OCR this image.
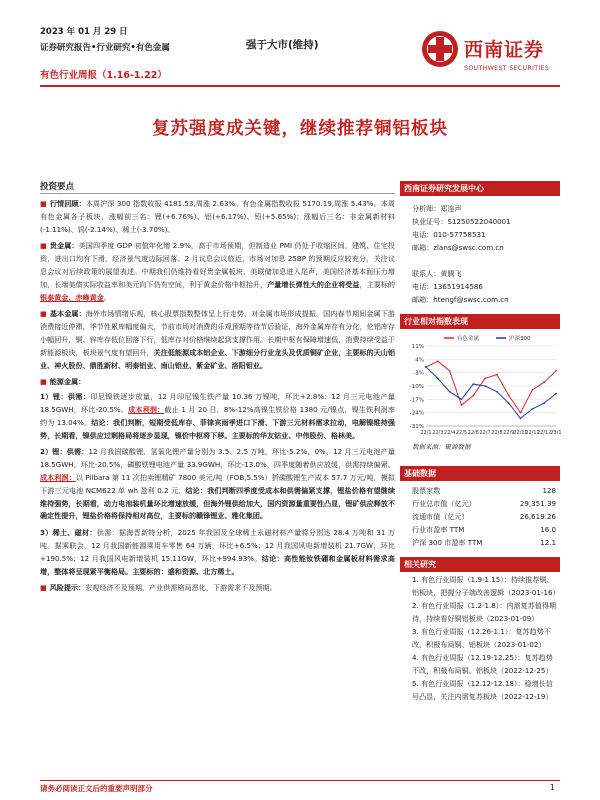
2023 年 01 月 29 日
证券研究报告•行业研究•有色金属
有色行业周报（1.16-1.22）
强于大市(维持)	西南证券
SOUTHWEST SECURITIES
复苏强度成关键，继续推荐铜铝板块
投资要点

■ 行情回顾：本周沪深 300 指数收报 4181.53,周涨 2.63%。有色金属指数收报 5170.19,周涨 5.43%。本周有色金属各子板块，涨幅前三名：锂(+6.76%)、铝(+6.17%)、铅(+5.65%)；涨幅后三名：非金属新材料(-1.11%)、钨(-2.14%)、稀土(-3.70%)。

■ 贵金属：美国四季度 GDP 初值年化增 2.9%，高于市场预期，但制造业 PMI 仍处于收缩区间，建筑、住宅投资，进出口均有下滑，经济景气度边际回落。2 月议息会议临近，市场对加息 25BP 的预期反应较充分，关注议息会议对后续政策的展望表述。中期我们仍维持看好贵金属板块，美联储加息进入尾声，美国经济基本面压力增加，长端美债实际收益率和美元向下仍有空间，利于黄金价格中枢抬升，产量增长弹性大的企业将受益，主要标的银泰黄金、赤峰黄金。

■ 基本金属：海外市场情绪乐观，核心股票指数整体呈上行走势，对金属市场形成提振。国内春节期间金属下游消费接近停滞，季节性累库幅度偏大，节前市场对消费的乐观预期等待节后验证，海外金属库存有分化，伦铝库存小幅回升，铜、锌库存低位回落下行，低库存对价格继续起到支撑作用。长期中枢有保障增速低，消费持续受益于新能源板块，板块景气度有望回升，关注低能源成本铝企业、下游细分行业龙头及优质铜矿企业，主要标的天山铝业、神火股份、鼎胜新材、明泰铝业、南山铝业、紫金矿业、洛阳钼业。

■ 能源金属：

1）锂：供需：印尼镍铁逐步放量，12 月印尼镍生铁产量 10.36 万镍吨，环比+2.8%；12 月三元电池产量 18.5GWH，环比-20.5%。成本利润：截止 1 月 20 日，8%-12%高镍生铁价格 1380 元/镍点，镍生铁利润率约为 13.04%。结论：我们判断，短期受低库存、菲律宾雨季进口下滑、下游三元材料需求拉动，电解镍维持强势，长期看，镍供应过剩格局将逐步显现，镍价中枢将下移。主要标的华友钴业、中伟股份、格林美。

2）锂：供需：12 月我国碳酸锂、氢氧化锂产量分别为 3.5、2.5 万吨，环比-5.2%、0%，12 月三元电池产量 18.5GWH，环比-20.5%，磷酸铁锂电池产量 33.9GWH，环比-13.0%，四季度随着供应放缓，供需持续偏紧。成本利润：以 Pilbara 第 11 次拍卖锂精矿 7800 美元/吨（FOB,5.5%）折碳酸锂生产成本 57.7 万元/吨，模拟下游三元电池 NCM622 单 wh 盈利 0.2 元，结论：我们判断四季度受成本和供需偏紧支撑，锂盐价格有望继续维持强势，长期看，动力电池装机量环比增速放缓，但海外锂供给加大，国内资源量重要性凸显，锂矿供应释放不确定性提升，锂盐价格将保持相对高位，主要标的赣锋锂业、雅化集团。

3）稀土、磁材：供需：据海晋新特分析，2025 年我国及全球稀土永磁材料产量将分别达 28.4 万吨和 31 万吨。据乘联会，12 月我国新能源乘用车零售 64 万辆，环比+6.5%；12 月我国风电新增装机 21.7GW，环比+190.5%；12 月我国风电新增装机 15.11GW，环比+994.93%。结论：高性能钕铁硼和金属板材料需求高增，整体将呈现紧平衡格局。主要标的：盛和资源、北方稀土。

■ 风险提示：宏观经济不及预期，产业供需格局恶化，下游需求不及预期。

西南证券研究发展中心
分析师：郑连声
执业证号：S1250522040001
电话：010-57758531
邮箱：zlans@swsc.com.cn
联系人：黄腾飞
电话：13651914586
邮箱：htengf@swsc.com.cn
行业相对指数表现
11%
4%
-3%
-10%
-17%
-24%
-31%
22/1 22/3 22/4 22/5 22/6 22/7 22/8 22/9
22/10
22/11
22/12
23/1
有色金属	沪深300
数据来源：聚源数据
基础数据
股票家数	128
行业总市值（亿元）	29,351.39
流通市值（亿元）	26,619.26
行业市盈率 TTM	16.0
沪深 300 市盈率 TTM	12.1
相关研究
1. 有色行业周报（1.9-1.15）：持续推荐铜、铝板块，把握分子端改善逻辑（2023-01-16）
2. 有色行业周报（1.2-1.8）：内需复苏值得期待，持续看好铜铝板块（2023-01-09）
3. 有色行业周报（12.26-1.1）：复苏趋势不改，积极布局铜、铝板块（2023-01-02）
4. 有色行业周报（12.19-12.25）：复苏趋势不改，积极布局铜、铝板块（2022-12-25）
5. 有色行业周报（12.12-12.18）：稳增长信号凸显，关注内需复苏板块（2022-12-19）
请务必阅读正文后的重要声明部分	1
